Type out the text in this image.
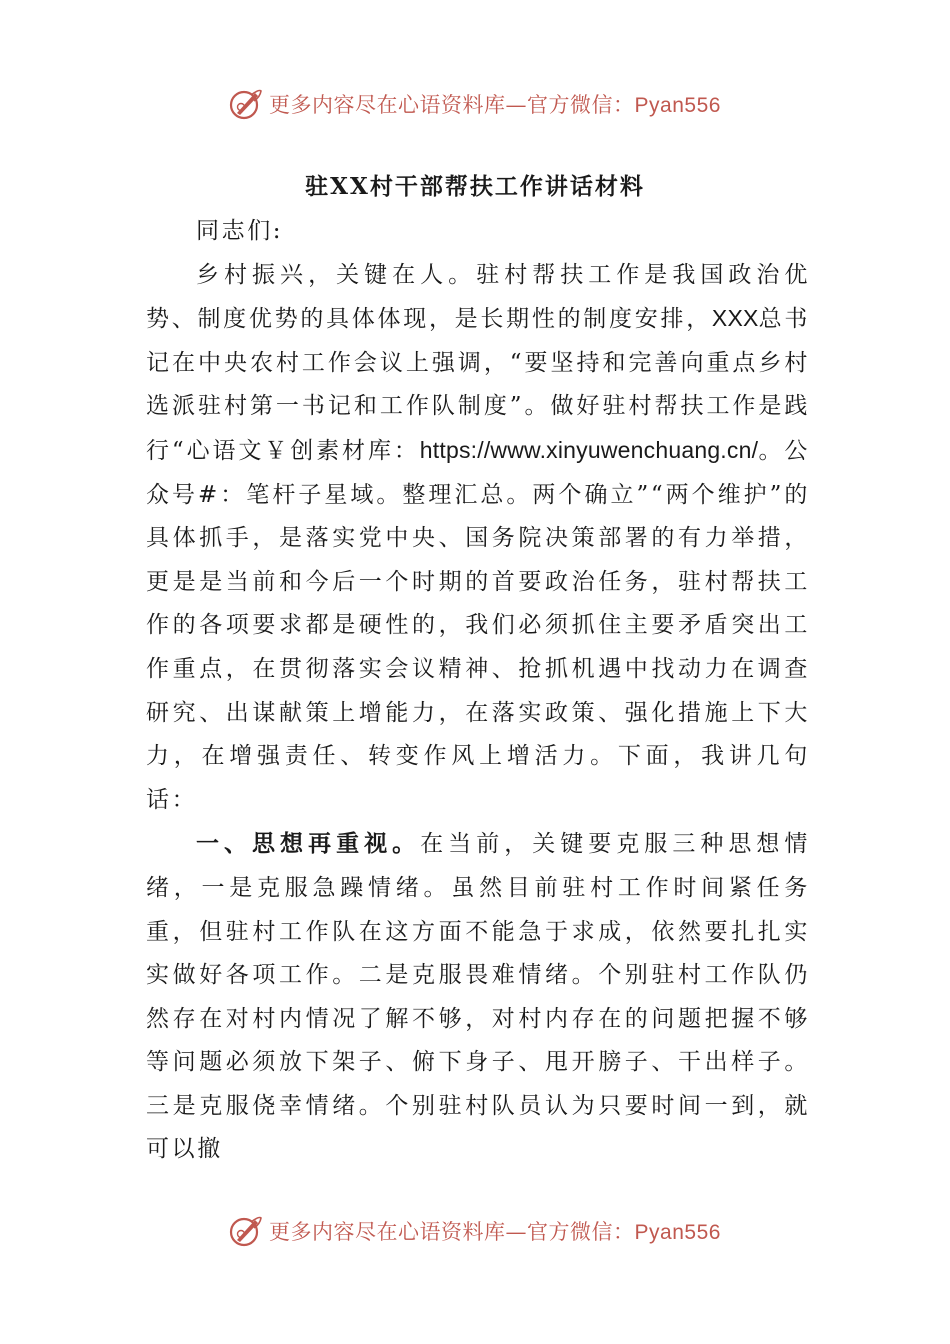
更多内容尽在心语资料库—官方微信：Pyan556
驻XX村干部帮扶工作讲话材料

同志们:

乡村振兴，关键在人。驻村帮扶工作是我国政治优势、制度优势的具体体现，是长期性的制度安排，XXX总书记在中央农村工作会议上强调，“要坚持和完善向重点乡村选派驻村第一书记和工作队制度”。做好驻村帮扶工作是践行“心语文￥创素材库：https://www.xinyuwenchuang.cn/。公众号#：笔杆子星域。整理汇总。两个确立”“两个维护”的具体抓手，是落实党中央、国务院决策部署的有力举措，更是是当前和今后一个时期的首要政治任务，驻村帮扶工作的各项要求都是硬性的，我们必须抓住主要矛盾突出工作重点，在贯彻落实会议精神、抢抓机遇中找动力在调查研究、出谋献策上增能力，在落实政策、强化措施上下大力，在增强责任、转变作风上增活力。下面，我讲几句话：

一、思想再重视。在当前，关键要克服三种思想情绪，一是克服急躁情绪。虽然目前驻村工作时间紧任务重，但驻村工作队在这方面不能急于求成，依然要扎扎实实做好各项工作。二是克服畏难情绪。个别驻村工作队仍然存在对村内情况了解不够，对村内存在的问题把握不够等问题必须放下架子、俯下身子、甩开膀子、干出样子。三是克服侥幸情绪。个别驻村队员认为只要时间一到，就可以撤

更多内容尽在心语资料库—官方微信：Pyan556
